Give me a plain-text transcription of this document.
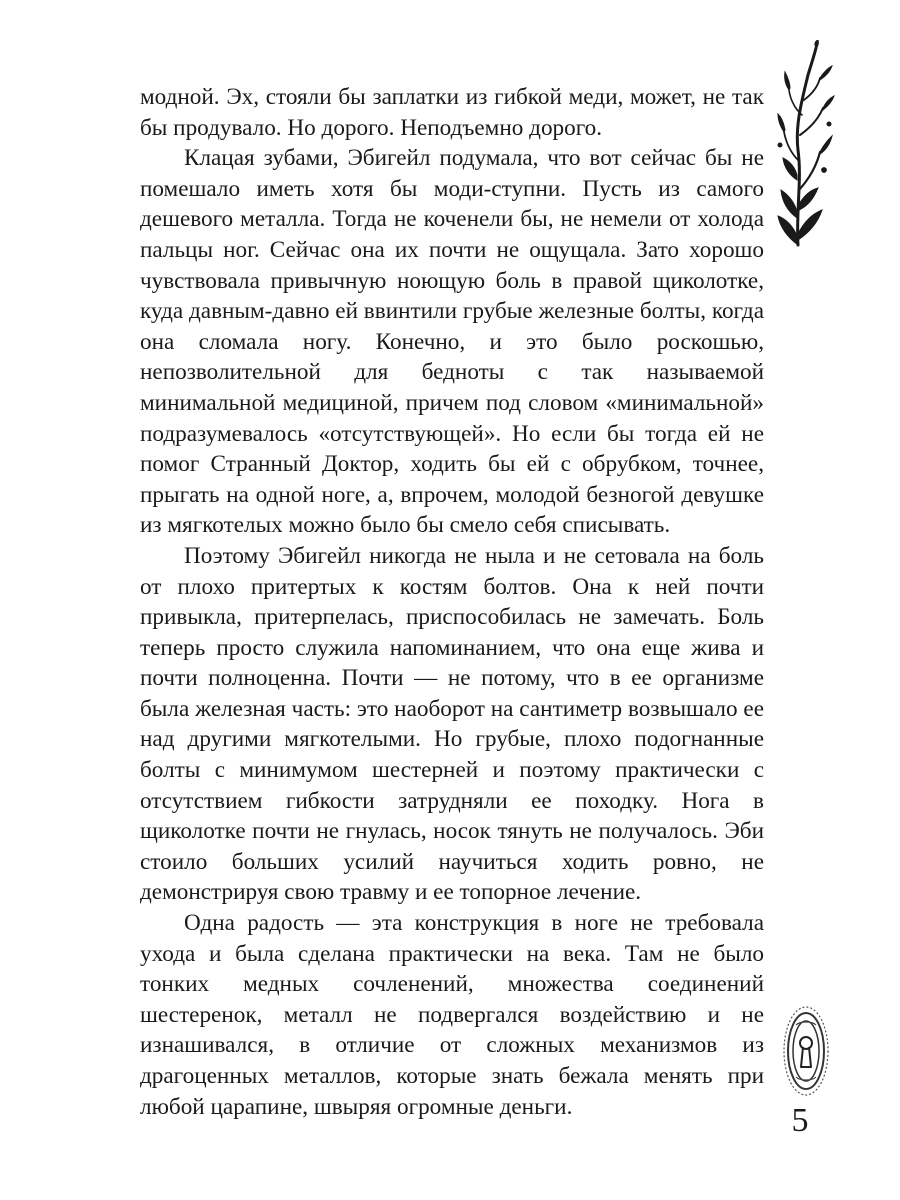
модной. Эх, стояли бы заплатки из гибкой меди, может, не так бы продувало. Но дорого. Неподъемно дорого.

Клацая зубами, Эбигейл подумала, что вот сейчас бы не помешало иметь хотя бы моди-ступни. Пусть из самого дешевого металла. Тогда не коченели бы, не немели от холода пальцы ног. Сейчас она их почти не ощущала. Зато хорошо чувствовала привычную ноющую боль в правой щиколотке, куда давным-давно ей ввинтили грубые железные болты, когда она сломала ногу. Конечно, и это было роскошью, непозволительной для бедноты с так называемой минимальной медициной, причем под словом «минимальной» подразумевалось «отсутствующей». Но если бы тогда ей не помог Странный Доктор, ходить бы ей с обрубком, точнее, прыгать на одной ноге, а, впрочем, молодой безногой девушке из мягкотелых можно было бы смело себя списывать.

Поэтому Эбигейл никогда не ныла и не сетовала на боль от плохо притертых к костям болтов. Она к ней почти привыкла, притерпелась, приспособилась не замечать. Боль теперь просто служила напоминанием, что она еще жива и почти полноценна. Почти — не потому, что в ее организме была железная часть: это наоборот на сантиметр возвышало ее над другими мягкотелыми. Но грубые, плохо подогнанные болты с минимумом шестерней и поэтому практически с отсутствием гибкости затрудняли ее походку. Нога в щиколотке почти не гнулась, носок тянуть не получалось. Эби стоило больших усилий научиться ходить ровно, не демонстрируя свою травму и ее топорное лечение.

Одна радость — эта конструкция в ноге не требовала ухода и была сделана практически на века. Там не было тонких медных сочленений, множества соединений шестеренок, металл не подвергался воздействию и не изнашивался, в отличие от сложных механизмов из драгоценных металлов, которые знать бежала менять при любой царапине, швыряя огромные деньги.	5
